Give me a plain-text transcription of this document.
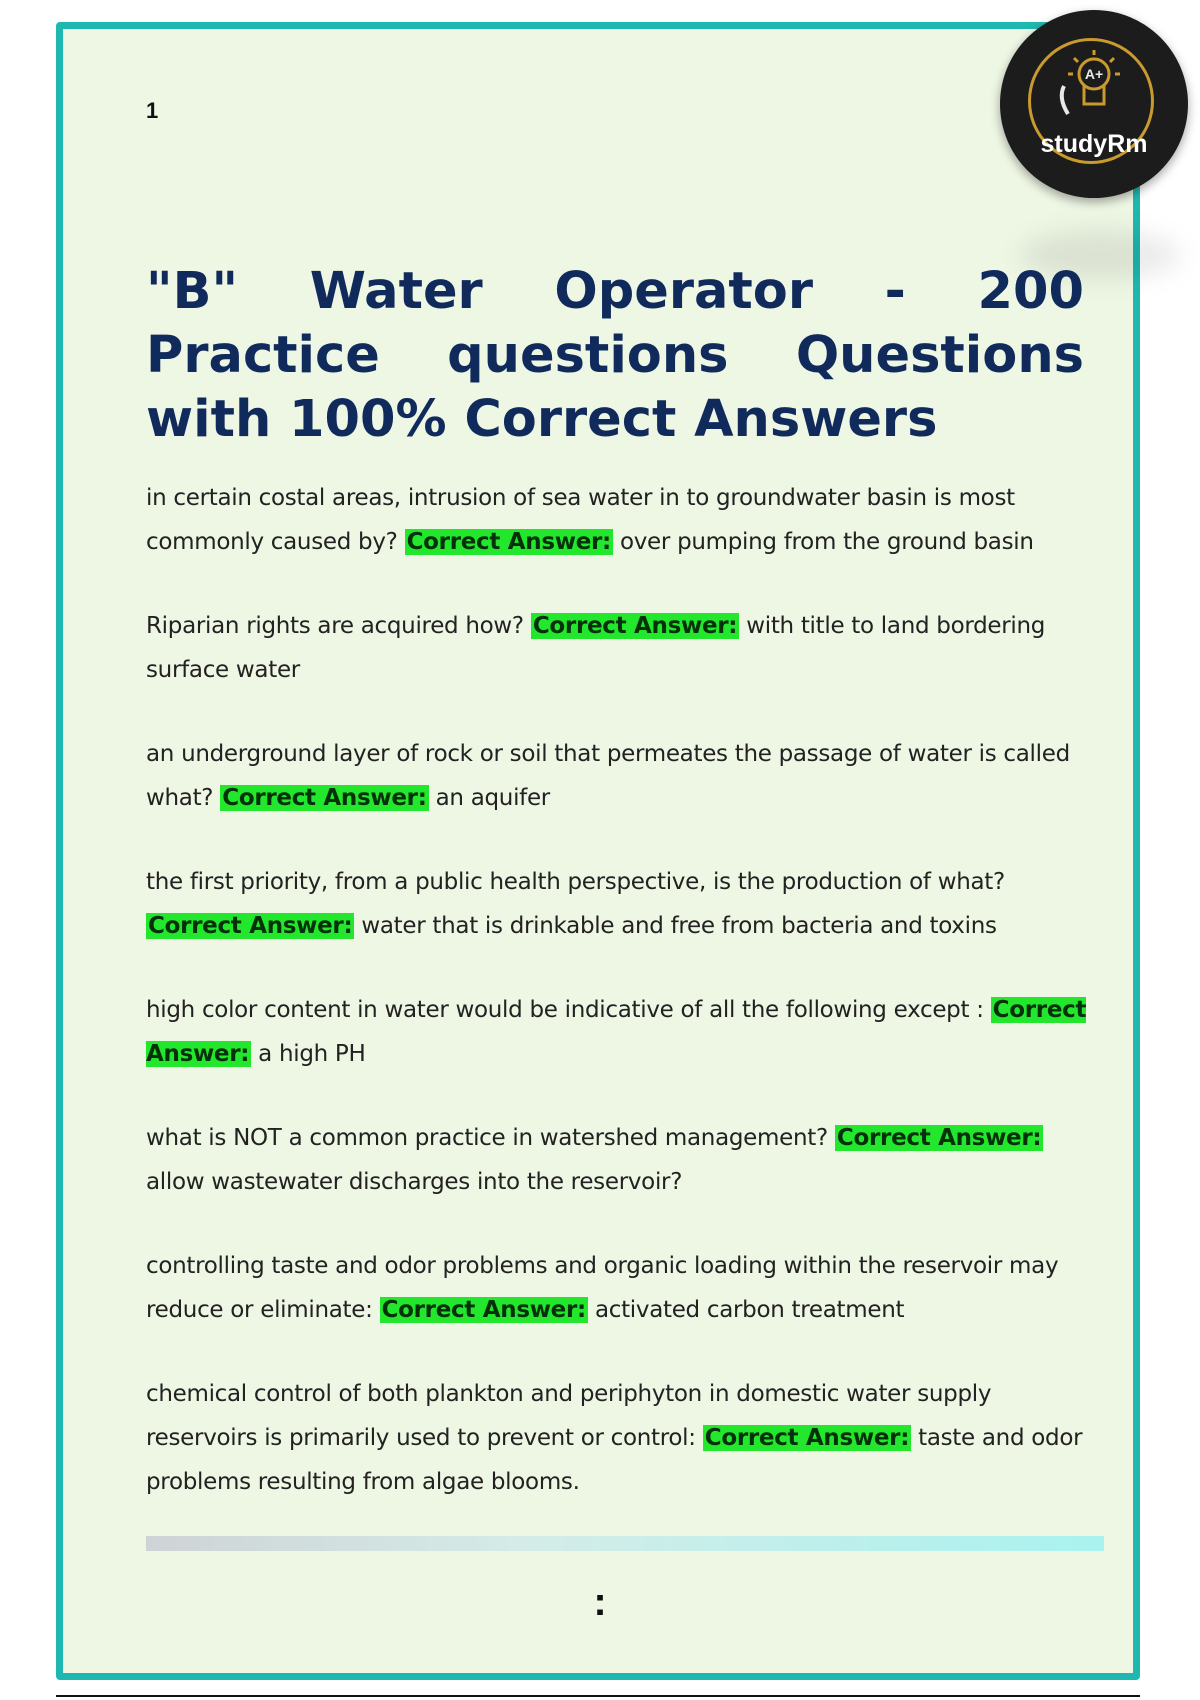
A+
studyRm
1
"B" Water Operator - 200 Practice questions Questions with 100% Correct Answers

in certain costal areas, intrusion of sea water in to groundwater basin is most commonly caused by? Correct Answer: over pumping from the ground basin

Riparian rights are acquired how? Correct Answer: with title to land bordering surface water

an underground layer of rock or soil that permeates the passage of water is called what? Correct Answer: an aquifer

the first priority, from a public health perspective, is the production of what? Correct Answer: water that is drinkable and free from bacteria and toxins

high color content in water would be indicative of all the following except : Correct Answer: a high PH

what is NOT a common practice in watershed management? Correct Answer: allow wastewater discharges into the reservoir?

controlling taste and odor problems and organic loading within the reservoir may reduce or eliminate: Correct Answer: activated carbon treatment

chemical control of both plankton and periphyton in domestic water supply reservoirs is primarily used to prevent or control: Correct Answer: taste and odor problems resulting from algae blooms.

:
